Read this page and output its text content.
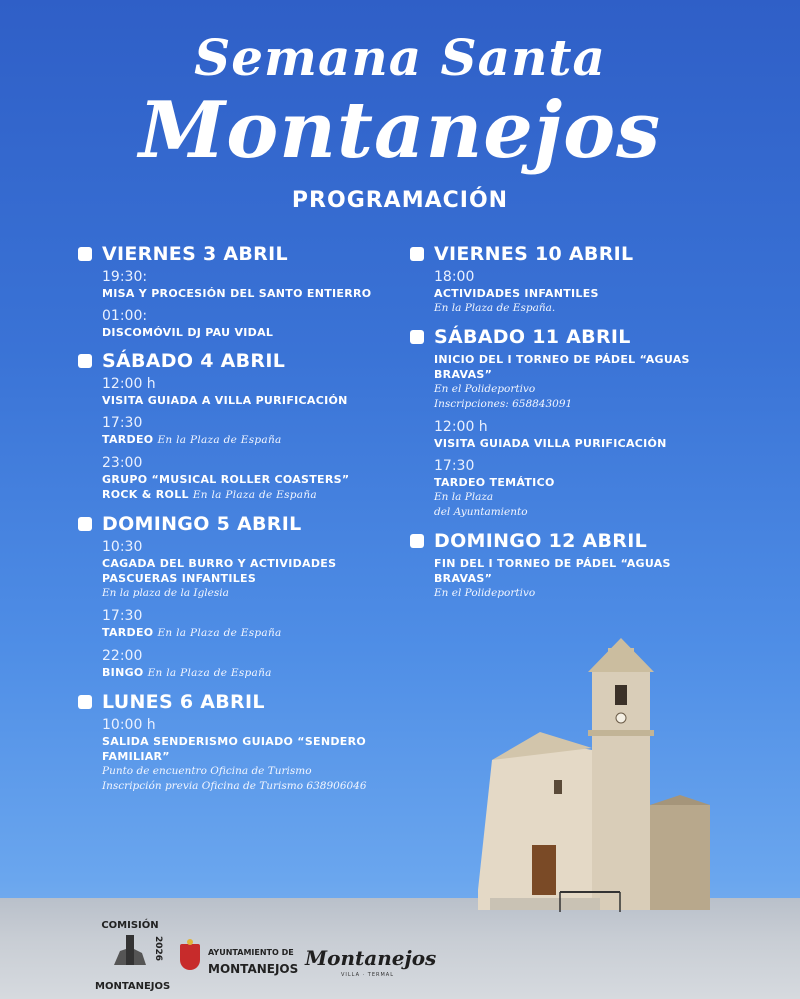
Semana Santa
Montanejos
PROGRAMACIÓN
VIERNES 3 ABRIL
19:30:
MISA Y PROCESIÓN DEL SANTO ENTIERRO
01:00:
DISCOMÓVIL DJ PAU VIDAL
SÁBADO 4 ABRIL
12:00 h
VISITA GUIADA A VILLA PURIFICACIÓN
17:30
TARDEO En la Plaza de España
23:00
GRUPO “MUSICAL ROLLER COASTERS” ROCK & ROLL En la Plaza de España
DOMINGO 5 ABRIL
10:30
CAGADA DEL BURRO Y ACTIVIDADES PASCUERAS INFANTILES
En la plaza de la Iglesia
17:30
TARDEO En la Plaza de España
22:00
BINGO En la Plaza de España
LUNES 6 ABRIL
10:00 h
SALIDA SENDERISMO GUIADO “SENDERO FAMILIAR”
Punto de encuentro Oficina de Turismo
Inscripción previa Oficina de Turismo 638906046
VIERNES 10 ABRIL
18:00
ACTIVIDADES INFANTILES
En la Plaza de España.
SÁBADO 11 ABRIL
INICIO DEL I TORNEO DE PÁDEL “AGUAS BRAVAS”
En el Polideportivo
Inscripciones: 658843091
12:00 h
VISITA GUIADA VILLA PURIFICACIÓN
17:30
TARDEO TEMÁTICO
En la Plaza
del Ayuntamiento
DOMINGO 12 ABRIL
FIN DEL I TORNEO DE PÁDEL “AGUAS BRAVAS”
En el Polideportivo
COMISIÓN
2026
MONTANEJOS
AYUNTAMIENTO DE
MONTANEJOS Montanejos
VILLA · TERMAL
